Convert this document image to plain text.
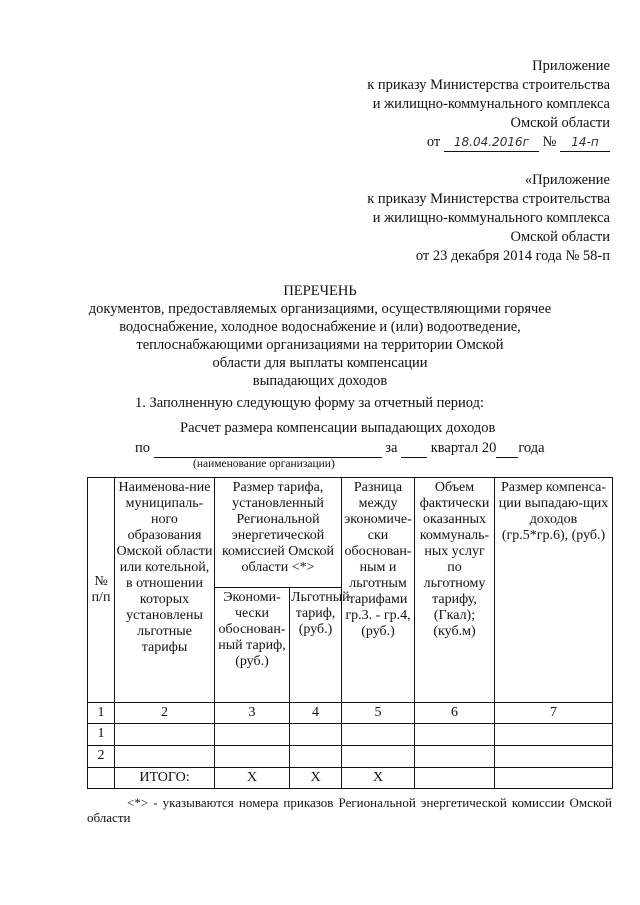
Приложение
к приказу Министерства строительства
и жилищно-коммунального комплекса
Омской области
от 18.04.2016г № 14-п
«Приложение
к приказу Министерства строительства
и жилищно-коммунального комплекса
Омской области
от 23 декабря 2014 года № 58-п
ПЕРЕЧЕНЬ
документов, предоставляемых организациями, осуществляющими горячее
водоснабжение, холодное водоснабжение и (или) водоотведение,
теплоснабжающими организациями на территории Омской
области для выплаты компенсации
выпадающих доходов
1. Заполненную следующую форму за отчетный период:
Расчет размера компенсации выпадающих доходов
по	за квартал 20 года
(наименование организации)
№ п/п	Наименова-ние муниципаль-ного образования Омской области или котельной, в отношении которых установлены льготные тарифы	Размер тарифа, установленный Региональной энергетической комиссией Омской области <*>		Разница между экономиче-ски обоснован-ным и льготным тарифами гр.3. - гр.4, (руб.)	Объем фактически оказанных коммуналь-ных услуг по льготному тарифу, (Гкал); (куб.м)	Размер компенса-ции выпадаю-щих доходов (гр.5*гр.6), (руб.)
		Экономи-чески обоснован-ный тариф, (руб.)	Льготный тариф, (руб.)			
1	2	3	4	5	6	7
1						
2						
	ИТОГО:	X	X	X		
<*> - указываются номера приказов Региональной энергетической комиссии Омской области
